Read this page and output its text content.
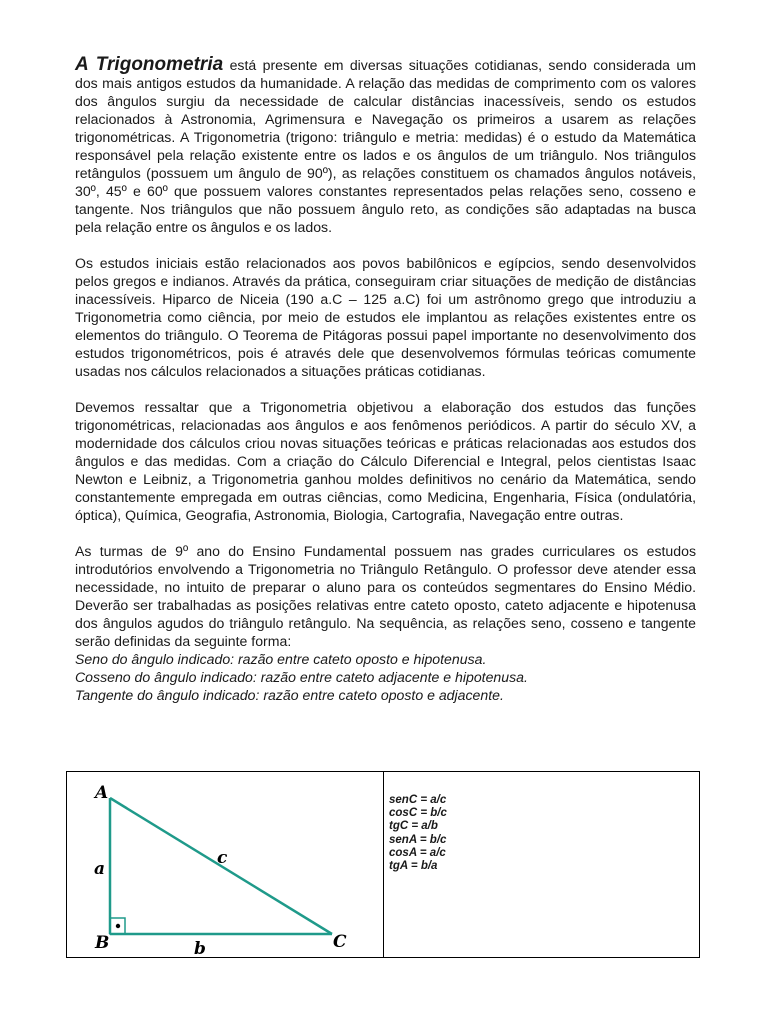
A Trigonometria está presente em diversas situações cotidianas, sendo considerada um dos mais antigos estudos da humanidade. A relação das medidas de comprimento com os valores dos ângulos surgiu da necessidade de calcular distâncias inacessíveis, sendo os estudos relacionados à Astronomia, Agrimensura e Navegação os primeiros a usarem as relações trigonométricas. A Trigonometria (trigono: triângulo e metria: medidas) é o estudo da Matemática responsável pela relação existente entre os lados e os ângulos de um triângulo. Nos triângulos retângulos (possuem um ângulo de 90º), as relações constituem os chamados ângulos notáveis, 30º, 45º e 60º que possuem valores constantes representados pelas relações seno, cosseno e tangente. Nos triângulos que não possuem ângulo reto, as condições são adaptadas na busca pela relação entre os ângulos e os lados.

Os estudos iniciais estão relacionados aos povos babilônicos e egípcios, sendo desenvolvidos pelos gregos e indianos. Através da prática, conseguiram criar situações de medição de distâncias inacessíveis. Hiparco de Niceia (190 a.C – 125 a.C) foi um astrônomo grego que introduziu a Trigonometria como ciência, por meio de estudos ele implantou as relações existentes entre os elementos do triângulo. O Teorema de Pitágoras possui papel importante no desenvolvimento dos estudos trigonométricos, pois é através dele que desenvolvemos fórmulas teóricas comumente usadas nos cálculos relacionados a situações práticas cotidianas.

Devemos ressaltar que a Trigonometria objetivou a elaboração dos estudos das funções trigonométricas, relacionadas aos ângulos e aos fenômenos periódicos. A partir do século XV, a modernidade dos cálculos criou novas situações teóricas e práticas relacionadas aos estudos dos ângulos e das medidas. Com a criação do Cálculo Diferencial e Integral, pelos cientistas Isaac Newton e Leibniz, a Trigonometria ganhou moldes definitivos no cenário da Matemática, sendo constantemente empregada em outras ciências, como Medicina, Engenharia, Física (ondulatória, óptica), Química, Geografia, Astronomia, Biologia, Cartografia, Navegação entre outras.

As turmas de 9º ano do Ensino Fundamental possuem nas grades curriculares os estudos introdutórios envolvendo a Trigonometria no Triângulo Retângulo. O professor deve atender essa necessidade, no intuito de preparar o aluno para os conteúdos segmentares do Ensino Médio. Deverão ser trabalhadas as posições relativas entre cateto oposto, cateto adjacente e hipotenusa dos ângulos agudos do triângulo retângulo. Na sequência, as relações seno, cosseno e tangente serão definidas da seguinte forma:

Seno do ângulo indicado: razão entre cateto oposto e hipotenusa.
Cosseno do ângulo indicado: razão entre cateto adjacente e hipotenusa.
Tangente do ângulo indicado: razão entre cateto oposto e adjacente.
A
B	C
a
b
c
senC = a/c
cosC = b/c
tgC = a/b
senA = b/c
cosA = a/c
tgA = b/a
